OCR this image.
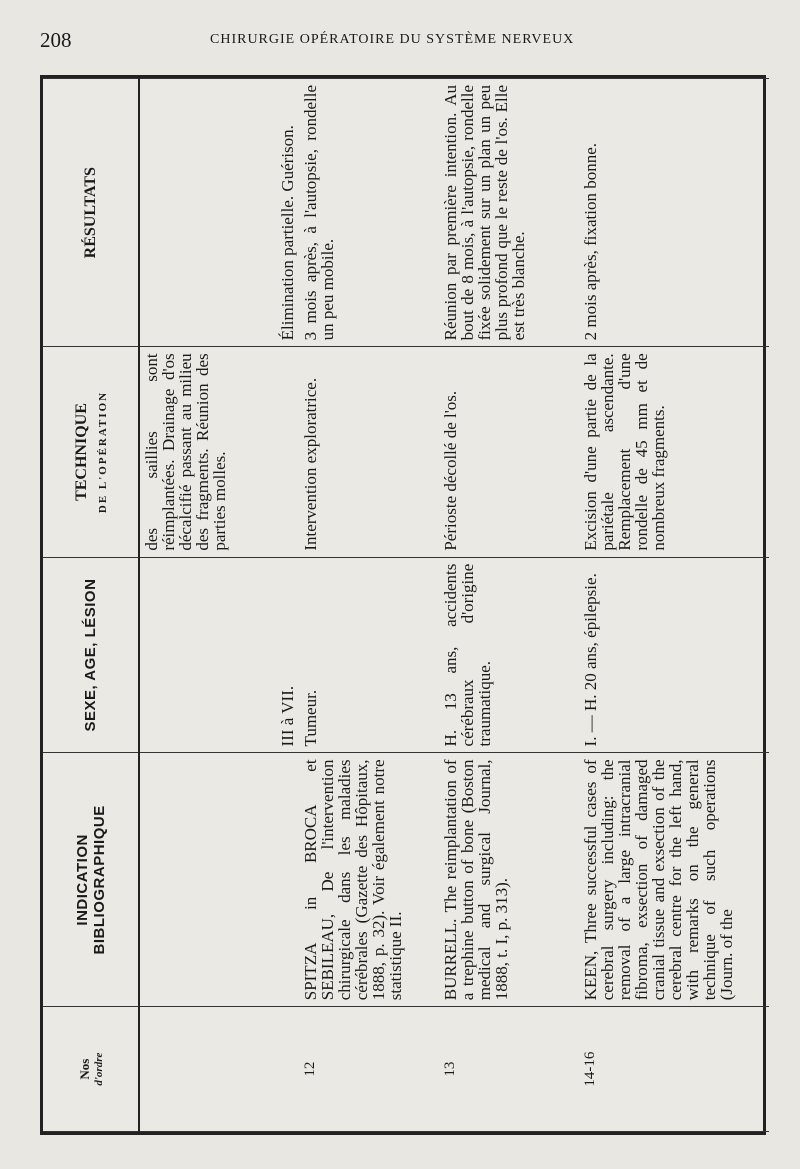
208	CHIRURGIE OPÉRATOIRE DU SYSTÈME NERVEUX
Nos d'ordre	INDICATION BIBLIOGRAPHIQUE	SEXE, AGE, LÉSION	TECHNIQUE DE L'OPÉRATION	RÉSULTATS
		III à VII.	des saillies sont réimplantées. Drainage d'os décalcifié passant au milieu des fragments. Réunion des parties molles.	Élimination partielle. Guérison.
12	SPITZA in BROCA et SEBILEAU, De l'intervention chirurgicale dans les maladies cérébrales (Gazette des Hôpitaux, 1888, p. 32). Voir également notre statistique II.	Tumeur.	Intervention exploratrice.	3 mois après, à l'autopsie, rondelle un peu mobile.
13	BURRELL. The reimplantation of a trephine button of bone (Boston medical and surgical Journal, 1888, t. I, p. 313).	H. 13 ans, accidents cérébraux d'origine traumatique.	Périoste décollé de l'os.	Réunion par première intention. Au bout de 8 mois, à l'autopsie, rondelle fixée solidement sur un plan un peu plus profond que le reste de l'os. Elle est très blanche.
14-16	KEEN, Three successful cases of cerebral surgery including: the removal of a large intracranial fibroma, exsection of damaged cranial tissue and exsection of the cerebral centre for the left hand, with remarks on the general technique of such operations (Journ. of the	I. — H. 20 ans, épilepsie.	Excision d'une partie de la pariétale ascendante. Remplacement d'une rondelle de 45 mm et de nombreux fragments.	2 mois après, fixation bonne.
